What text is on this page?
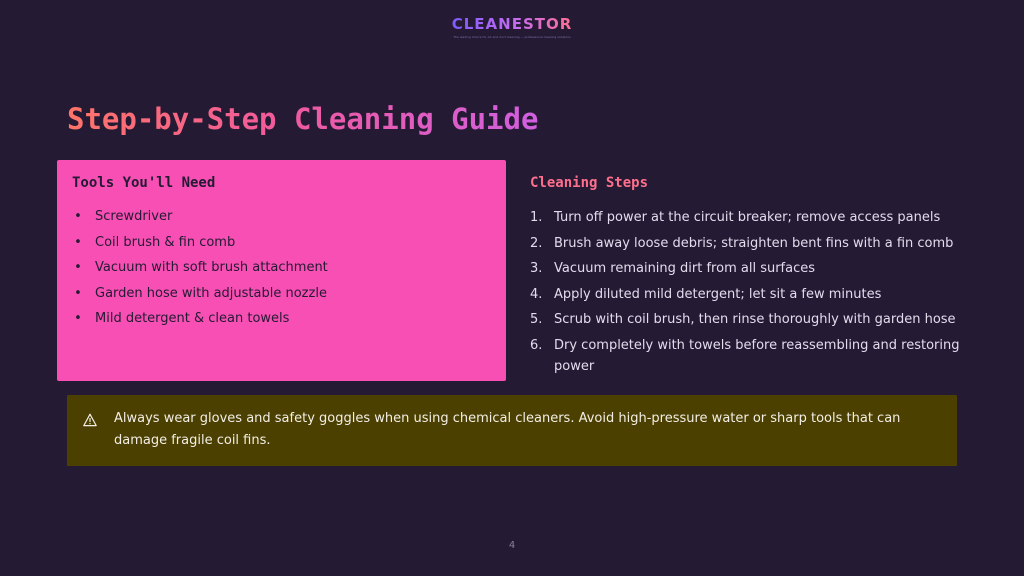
CLEANESTOR
The leading choice for AC and duct cleaning — professional cleaning solutions
Step-by-Step Cleaning Guide
Tools You'll Need
• Screwdriver
• Coil brush & fin comb
• Vacuum with soft brush attachment
• Garden hose with adjustable nozzle
• Mild detergent & clean towels
Cleaning Steps
1. Turn off power at the circuit breaker; remove access panels
2. Brush away loose debris; straighten bent fins with a fin comb
3. Vacuum remaining dirt from all surfaces
4. Apply diluted mild detergent; let sit a few minutes
5. Scrub with coil brush, then rinse thoroughly with garden hose
6. Dry completely with towels before reassembling and restoring power
Always wear gloves and safety goggles when using chemical cleaners. Avoid high-pressure water or sharp tools that can damage fragile coil fins.
4
